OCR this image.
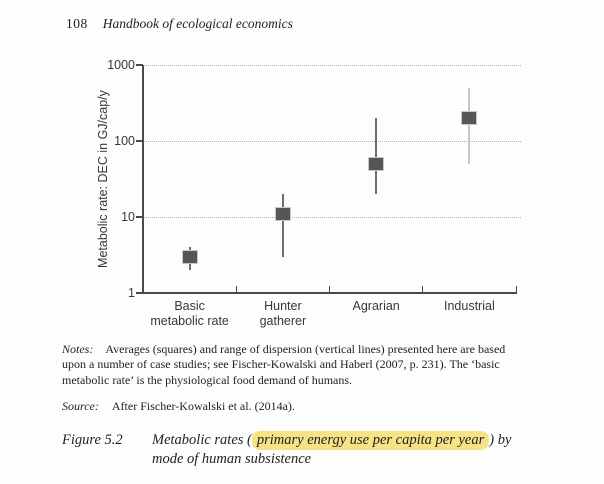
108 Handbook of ecological economics
Metabolic rate: DEC in GJ/cap/y
1
10
100
1000
Basic
metabolic rate
Hunter
gatherer
Agrarian	Industrial
Notes: Averages (squares) and range of dispersion (vertical lines) presented here are based
upon a number of case studies; see Fischer-Kowalski and Haberl (2007, p. 231). The ‘basic
metabolic rate’ is the physiological food demand of humans.
Source: After Fischer-Kowalski et al. (2014a).
Figure 5.2	Metabolic rates ( primary energy use per capita per year ) by
mode of human subsistence
